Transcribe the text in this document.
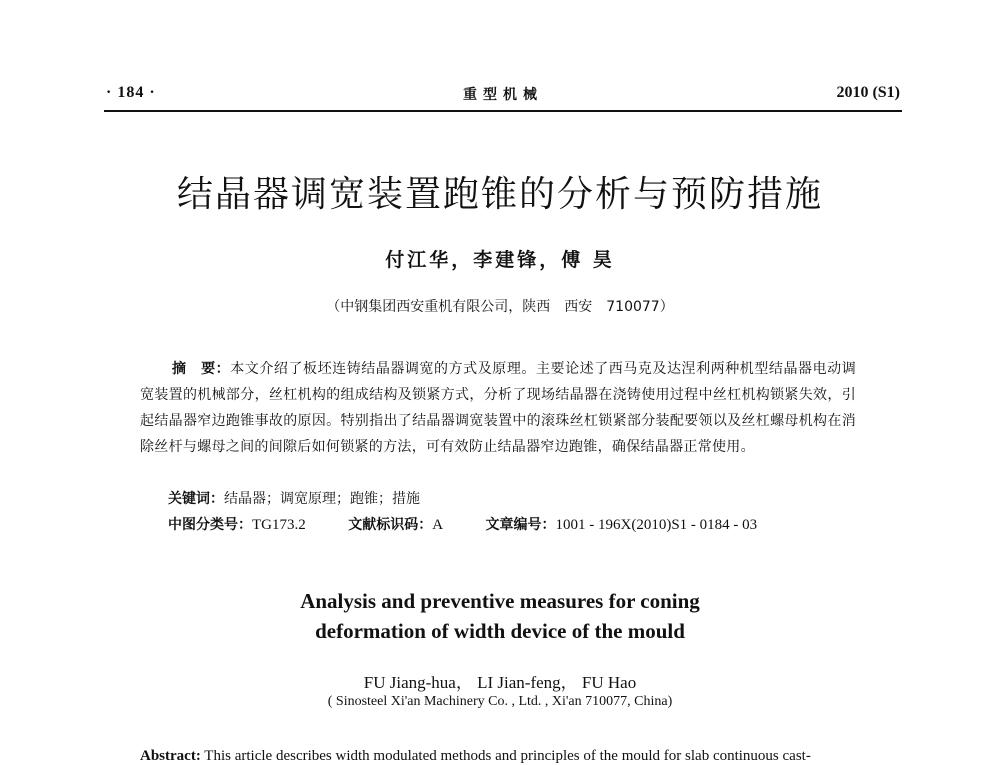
· 184 ·	重型机械	2010 (S1)
结晶器调宽装置跑锥的分析与预防措施
付江华，李建锋，傅 昊
（中钢集团西安重机有限公司，陕西　西安　710077）
摘　要：本文介绍了板坯连铸结晶器调宽的方式及原理。主要论述了西马克及达涅利两种机型结晶器电动调宽装置的机械部分，丝杠机构的组成结构及锁紧方式，分析了现场结晶器在浇铸使用过程中丝杠机构锁紧失效，引起结晶器窄边跑锥事故的原因。特别指出了结晶器调宽装置中的滚珠丝杠锁紧部分装配要领以及丝杠螺母机构在消除丝杆与螺母之间的间隙后如何锁紧的方法，可有效防止结晶器窄边跑锥，确保结晶器正常使用。
关键词：结晶器；调宽原理；跑锥；措施
中图分类号：TG173.2	文献标识码：A	文章编号：1001 - 196X(2010)S1 - 0184 - 03
Analysis and preventive measures for coning
deformation of width device of the mould
FU Jiang-hua， LI Jian-feng， FU Hao
( Sinosteel Xi'an Machinery Co. , Ltd. , Xi'an 710077, China)
Abstract: This article describes width modulated methods and principles of the mould for slab continuous cast-
